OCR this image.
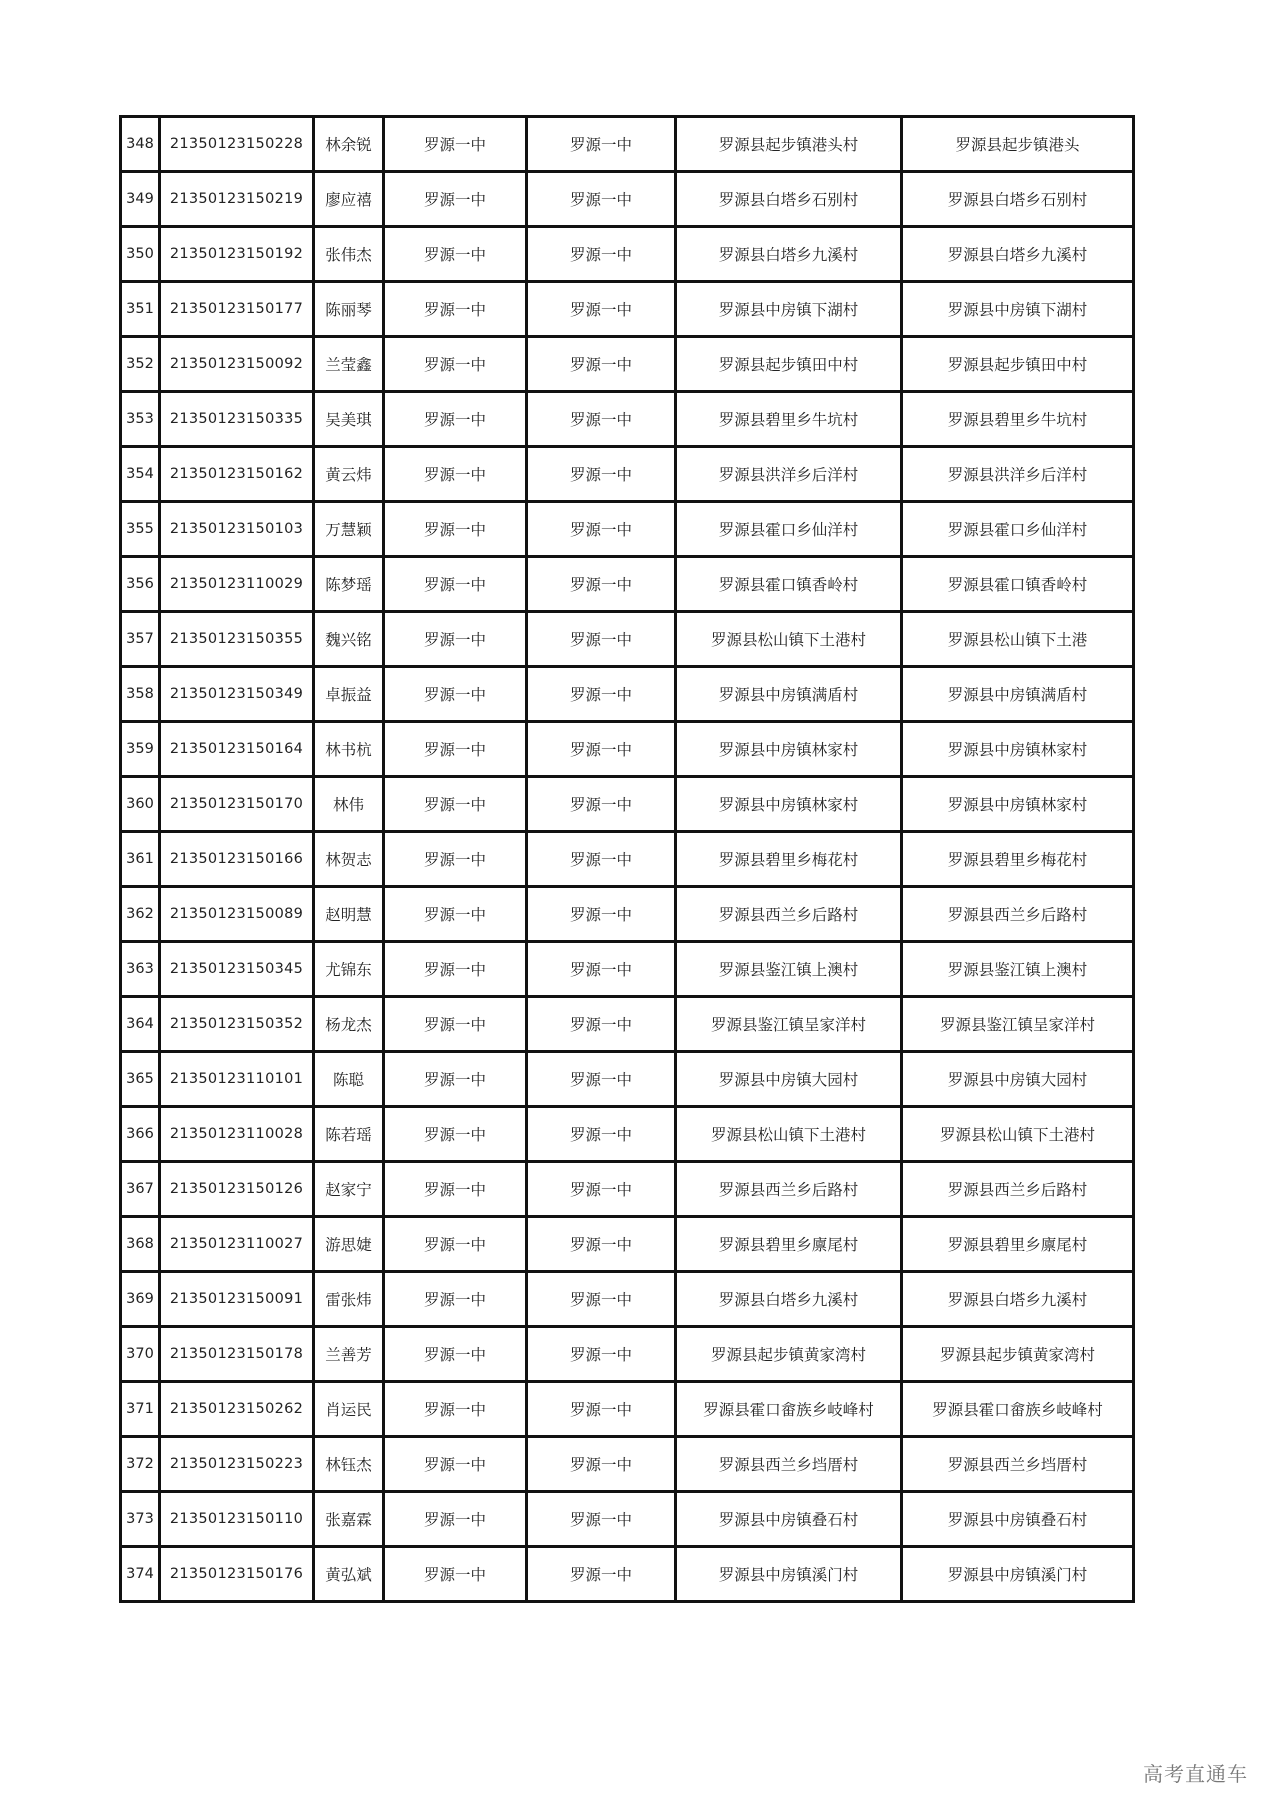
348	21350123150228	林余锐	罗源一中	罗源一中	罗源县起步镇港头村	罗源县起步镇港头
349	21350123150219	廖应禧	罗源一中	罗源一中	罗源县白塔乡石别村	罗源县白塔乡石别村
350	21350123150192	张伟杰	罗源一中	罗源一中	罗源县白塔乡九溪村	罗源县白塔乡九溪村
351	21350123150177	陈丽琴	罗源一中	罗源一中	罗源县中房镇下湖村	罗源县中房镇下湖村
352	21350123150092	兰莹鑫	罗源一中	罗源一中	罗源县起步镇田中村	罗源县起步镇田中村
353	21350123150335	吴美琪	罗源一中	罗源一中	罗源县碧里乡牛坑村	罗源县碧里乡牛坑村
354	21350123150162	黄云炜	罗源一中	罗源一中	罗源县洪洋乡后洋村	罗源县洪洋乡后洋村
355	21350123150103	万慧颖	罗源一中	罗源一中	罗源县霍口乡仙洋村	罗源县霍口乡仙洋村
356	21350123110029	陈梦瑶	罗源一中	罗源一中	罗源县霍口镇香岭村	罗源县霍口镇香岭村
357	21350123150355	魏兴铭	罗源一中	罗源一中	罗源县松山镇下土港村	罗源县松山镇下土港
358	21350123150349	卓振益	罗源一中	罗源一中	罗源县中房镇满盾村	罗源县中房镇满盾村
359	21350123150164	林书杭	罗源一中	罗源一中	罗源县中房镇林家村	罗源县中房镇林家村
360	21350123150170	林伟	罗源一中	罗源一中	罗源县中房镇林家村	罗源县中房镇林家村
361	21350123150166	林贺志	罗源一中	罗源一中	罗源县碧里乡梅花村	罗源县碧里乡梅花村
362	21350123150089	赵明慧	罗源一中	罗源一中	罗源县西兰乡后路村	罗源县西兰乡后路村
363	21350123150345	尤锦东	罗源一中	罗源一中	罗源县鉴江镇上澳村	罗源县鉴江镇上澳村
364	21350123150352	杨龙杰	罗源一中	罗源一中	罗源县鉴江镇呈家洋村	罗源县鉴江镇呈家洋村
365	21350123110101	陈聪	罗源一中	罗源一中	罗源县中房镇大园村	罗源县中房镇大园村
366	21350123110028	陈若瑶	罗源一中	罗源一中	罗源县松山镇下土港村	罗源县松山镇下土港村
367	21350123150126	赵家宁	罗源一中	罗源一中	罗源县西兰乡后路村	罗源县西兰乡后路村
368	21350123110027	游思婕	罗源一中	罗源一中	罗源县碧里乡廪尾村	罗源县碧里乡廪尾村
369	21350123150091	雷张炜	罗源一中	罗源一中	罗源县白塔乡九溪村	罗源县白塔乡九溪村
370	21350123150178	兰善芳	罗源一中	罗源一中	罗源县起步镇黄家湾村	罗源县起步镇黄家湾村
371	21350123150262	肖运民	罗源一中	罗源一中	罗源县霍口畲族乡岐峰村	罗源县霍口畲族乡岐峰村
372	21350123150223	林钰杰	罗源一中	罗源一中	罗源县西兰乡垱厝村	罗源县西兰乡垱厝村
373	21350123150110	张嘉霖	罗源一中	罗源一中	罗源县中房镇叠石村	罗源县中房镇叠石村
374	21350123150176	黄弘斌	罗源一中	罗源一中	罗源县中房镇溪门村	罗源县中房镇溪门村
高考直通车
